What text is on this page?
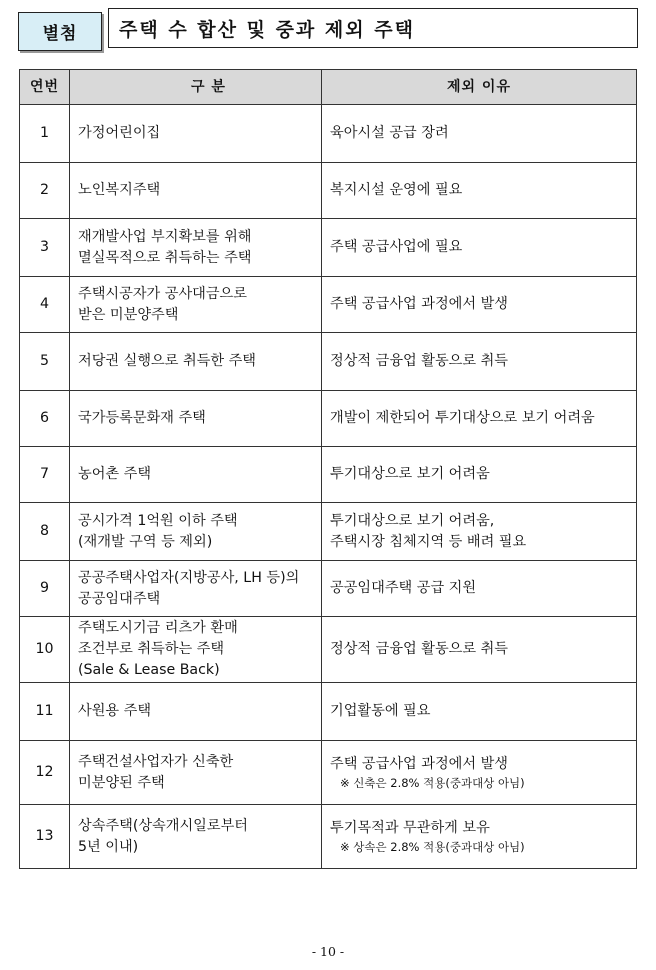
별첨	주택 수 합산 및 중과 제외 주택
연번	구 분	제외 이유
1	가정어린이집	육아시설 공급 장려

2	노인복지주택	복지시설 운영에 필요

3	재개발사업 부지확보를 위해
멸실목적으로 취득하는 주택	주택 공급사업에 필요

4	주택시공자가 공사대금으로
받은 미분양주택	주택 공급사업 과정에서 발생

5	저당권 실행으로 취득한 주택	정상적 금융업 활동으로 취득

6	국가등록문화재 주택	개발이 제한되어 투기대상으로 보기 어려움

7	농어촌 주택	투기대상으로 보기 어려움

8	공시가격 1억원 이하 주택
(재개발 구역 등 제외)	투기대상으로 보기 어려움,
주택시장 침체지역 등 배려 필요

9	공공주택사업자(지방공사, LH 등)의
공공임대주택	공공임대주택 공급 지원

10	주택도시기금 리츠가 환매
조건부로 취득하는 주택
(Sale & Lease Back)	정상적 금융업 활동으로 취득

11	사원용 주택	기업활동에 필요

12	주택건설사업자가 신축한
미분양된 주택	주택 공급사업 과정에서 발생
※ 신축은 2.8% 적용(중과대상 아님)

13	상속주택(상속개시일로부터
5년 이내)	투기목적과 무관하게 보유
※ 상속은 2.8% 적용(중과대상 아님)
- 10 -
